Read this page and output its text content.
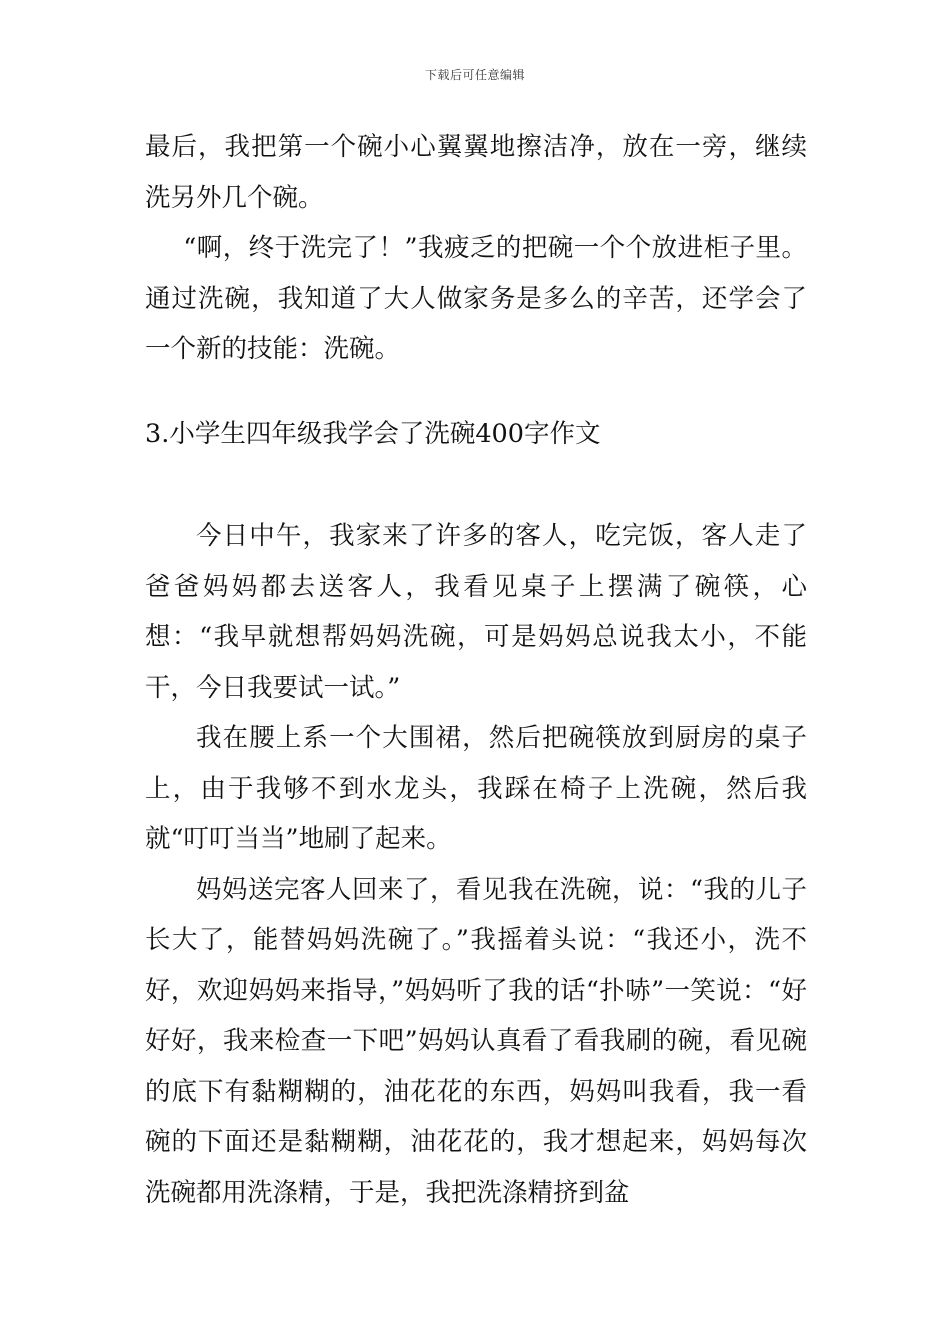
下载后可任意编辑

最后，我把第一个碗小心翼翼地擦洁净，放在一旁，继续洗另外几个碗。

“啊，终于洗完了！”我疲乏的把碗一个个放进柜子里。通过洗碗，我知道了大人做家务是多么的辛苦，还学会了一个新的技能：洗碗。

3.小学生四年级我学会了洗碗400字作文

今日中午，我家来了许多的客人，吃完饭，客人走了爸爸妈妈都去送客人，我看见桌子上摆满了碗筷，心想：“我早就想帮妈妈洗碗，可是妈妈总说我太小，不能干，今日我要试一试。”

我在腰上系一个大围裙，然后把碗筷放到厨房的桌子上，由于我够不到水龙头，我踩在椅子上洗碗，然后我就“叮叮当当”地刷了起来。

妈妈送完客人回来了，看见我在洗碗，说：“我的儿子长大了，能替妈妈洗碗了。”我摇着头说：“我还小，洗不好，欢迎妈妈来指导，”妈妈听了我的话“扑哧”一笑说：“好好好，我来检查一下吧”妈妈认真看了看我刷的碗，看见碗的底下有黏糊糊的，油花花的东西，妈妈叫我看，我一看碗的下面还是黏糊糊，油花花的，我才想起来，妈妈每次洗碗都用洗涤精，于是，我把洗涤精挤到盆
